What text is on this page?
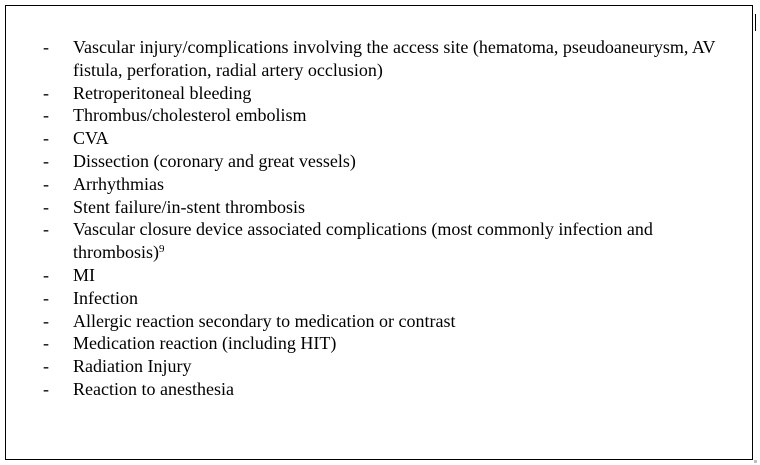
- Vascular injury/complications involving the access site (hematoma, pseudoaneurysm, AV fistula, perforation, radial artery occlusion)
- Retroperitoneal bleeding
- Thrombus/cholesterol embolism
- CVA
- Dissection (coronary and great vessels)
- Arrhythmias
- Stent failure/in-stent thrombosis
- Vascular closure device associated complications (most commonly infection and thrombosis)$^9$
- MI
- Infection
- Allergic reaction secondary to medication or contrast
- Medication reaction (including HIT)
- Radiation Injury
- Reaction to anesthesia
